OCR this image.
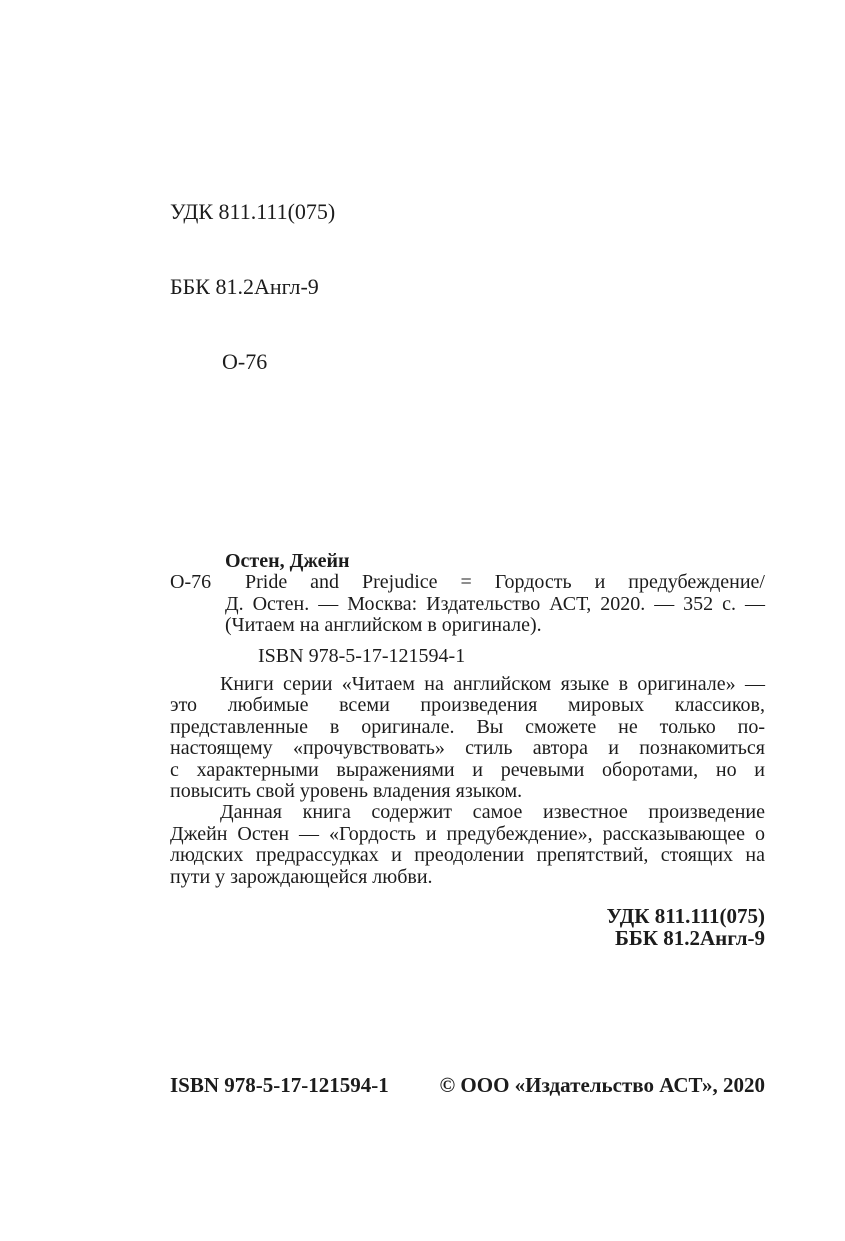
УДК 811.111(075)

ББК 81.2Англ-9

О-76

Остен, Джейн
О-76	Pride and Prejudice = Гордость и предубеждение/
Д. Остен. — Москва: Издательство АСТ, 2020. — 352 с. —
(Читаем на английском в оригинале).
ISBN 978-5-17-121594-1
Книги серии «Читаем на английском языке в оригинале» —
это любимые всеми произведения мировых классиков,
представленные в оригинале. Вы сможете не только по-
настоящему «прочувствовать» стиль автора и познакомиться
с характерными выражениями и речевыми оборотами, но и
повысить свой уровень владения языком.
Данная книга содержит самое известное произведение
Джейн Остен — «Гордость и предубеждение», рассказывающее о
людских предрассудках и преодолении препятствий, стоящих на
пути у зарождающейся любви.
УДК 811.111(075)
ББК 81.2Англ-9
ISBN 978-5-17-121594-1 © ООО «Издательство АСТ», 2020
